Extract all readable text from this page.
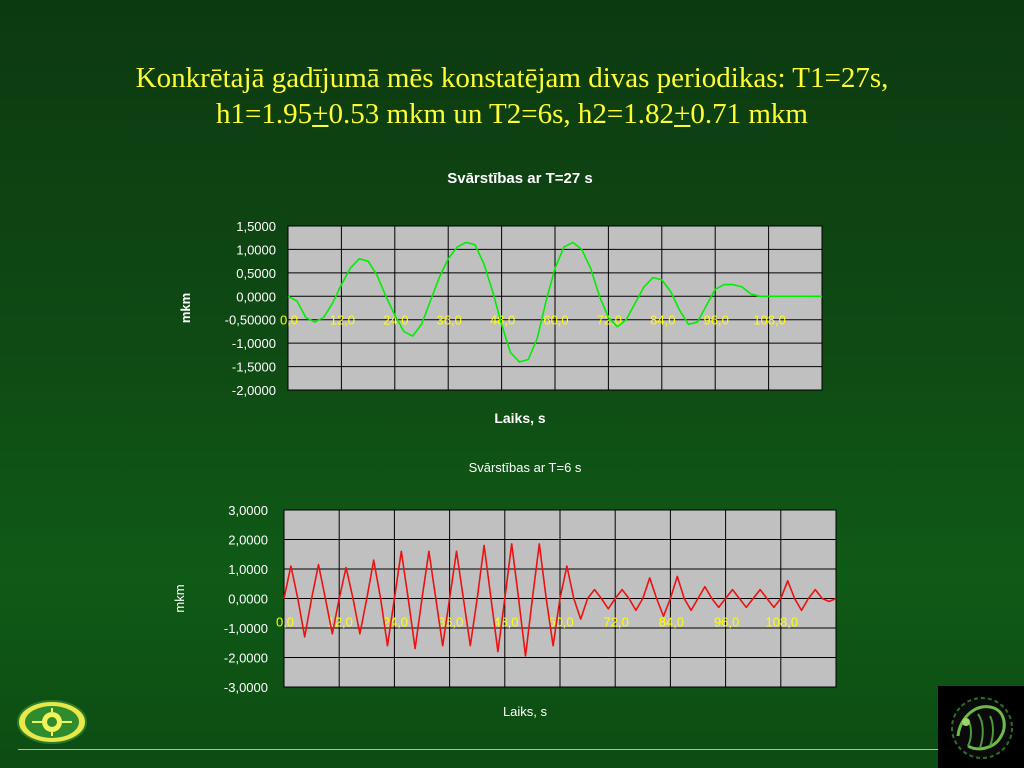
Konkrētajā gadījumā mēs konstatējam divas periodikas: T1=27s,
h1=1.95+0.53 mkm un T2=6s, h2=1.82+0.71 mkm
1,5000
1,0000
0,5000
0,0000
-0,50000
-1,0000
-1,5000
-2,0000
0,0 12,0 24,0 36,0 48,0 60,0 72,0 84,0 96,0 108,0
Svārstības ar T=27 s
Laiks, s
mkm
3,0000
2,0000
1,0000
0,0000
-1,0000
-2,0000
-3,0000
0,0	12,0 24,0 36,0 48,0 60,0 72,0 84,0 96,0 108,0
Svārstības ar T=6 s
Laiks, s
mkm
